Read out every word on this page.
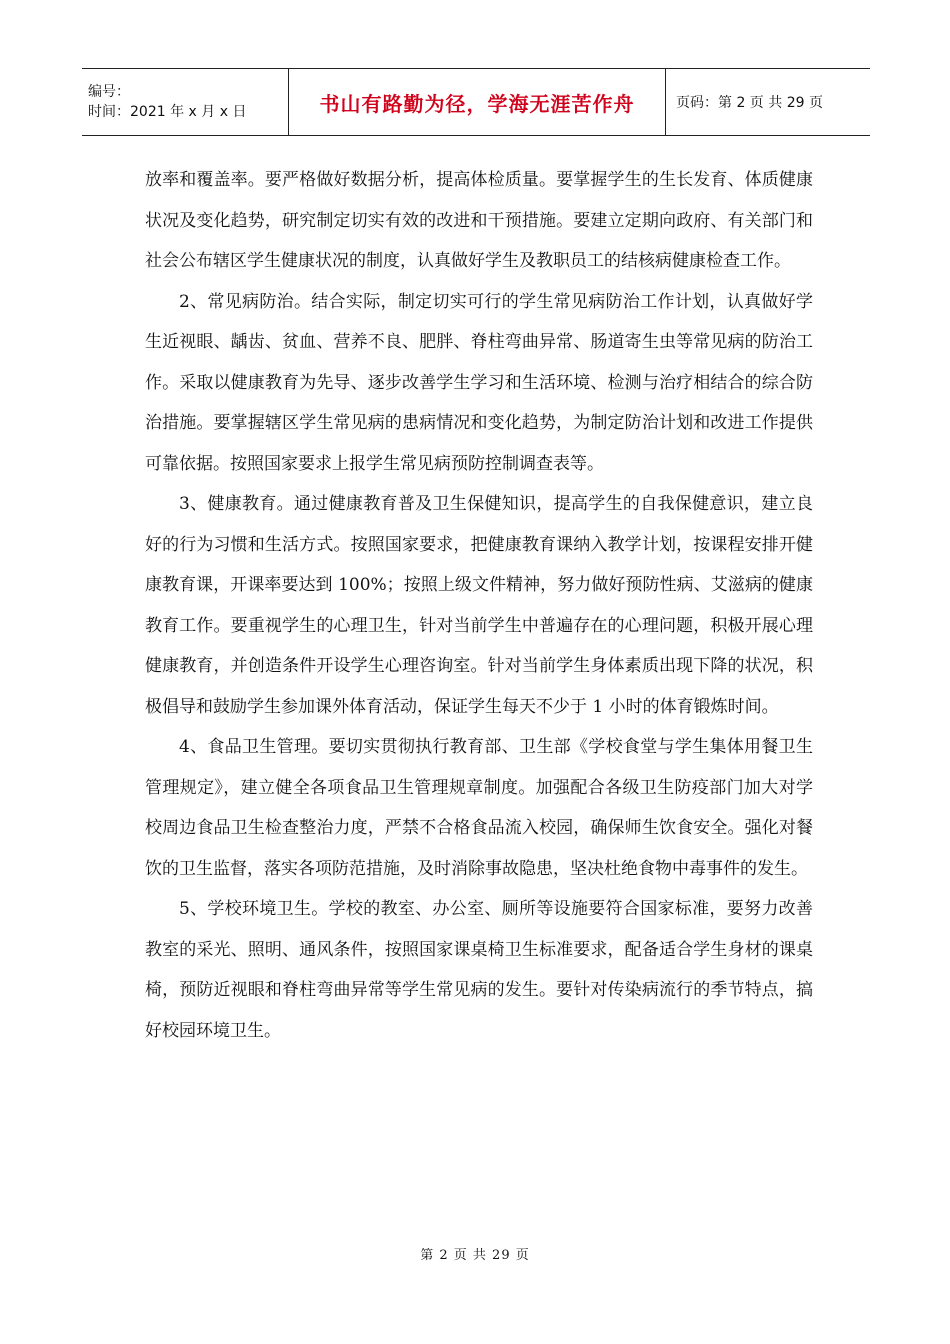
编号：
时间：2021 年 x 月 x 日	书山有路勤为径，学海无涯苦作舟	页码：第 2 页 共 29 页

放率和覆盖率。要严格做好数据分析，提高体检质量。要掌握学生的生长发育、体质健康状况及变化趋势，研究制定切实有效的改进和干预措施。要建立定期向政府、有关部门和社会公布辖区学生健康状况的制度，认真做好学生及教职员工的结核病健康检查工作。

2、常见病防治。结合实际，制定切实可行的学生常见病防治工作计划，认真做好学生近视眼、龋齿、贫血、营养不良、肥胖、脊柱弯曲异常、肠道寄生虫等常见病的防治工作。采取以健康教育为先导、逐步改善学生学习和生活环境、检测与治疗相结合的综合防治措施。要掌握辖区学生常见病的患病情况和变化趋势，为制定防治计划和改进工作提供可靠依据。按照国家要求上报学生常见病预防控制调查表等。

3、健康教育。通过健康教育普及卫生保健知识，提高学生的自我保健意识，建立良好的行为习惯和生活方式。按照国家要求，把健康教育课纳入教学计划，按课程安排开健康教育课，开课率要达到 100%；按照上级文件精神，努力做好预防性病、艾滋病的健康教育工作。要重视学生的心理卫生，针对当前学生中普遍存在的心理问题，积极开展心理健康教育，并创造条件开设学生心理咨询室。针对当前学生身体素质出现下降的状况，积极倡导和鼓励学生参加课外体育活动，保证学生每天不少于 1 小时的体育锻炼时间。

4、食品卫生管理。要切实贯彻执行教育部、卫生部《学校食堂与学生集体用餐卫生管理规定》，建立健全各项食品卫生管理规章制度。加强配合各级卫生防疫部门加大对学校周边食品卫生检查整治力度，严禁不合格食品流入校园，确保师生饮食安全。强化对餐饮的卫生监督，落实各项防范措施，及时消除事故隐患，坚决杜绝食物中毒事件的发生。

5、学校环境卫生。学校的教室、办公室、厕所等设施要符合国家标准，要努力改善教室的采光、照明、通风条件，按照国家课桌椅卫生标准要求，配备适合学生身材的课桌椅，预防近视眼和脊柱弯曲异常等学生常见病的发生。要针对传染病流行的季节特点，搞好校园环境卫生。

第 2 页 共 29 页
